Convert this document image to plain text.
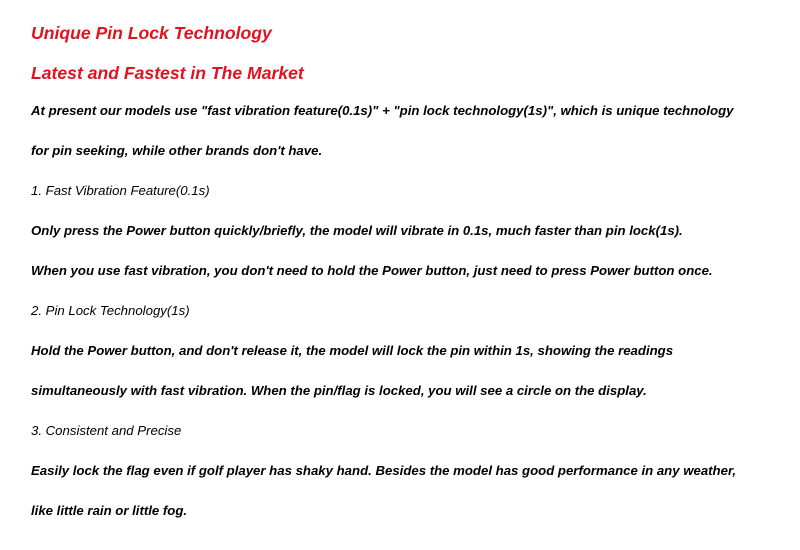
Unique Pin Lock Technology
Latest and Fastest in The Market
At present our models use "fast vibration feature(0.1s)" + "pin lock technology(1s)", which is unique technology
for pin seeking, while other brands don't have.
1. Fast Vibration Feature(0.1s)
Only press the Power button quickly/briefly, the model will vibrate in 0.1s, much faster than pin lock(1s).
When you use fast vibration, you don't need to hold the Power button, just need to press Power button once.
2. Pin Lock Technology(1s)
Hold the Power button, and don't release it, the model will lock the pin within 1s, showing the readings
simultaneously with fast vibration. When the pin/flag is locked, you will see a circle on the display.
3. Consistent and Precise
Easily lock the flag even if golf player has shaky hand. Besides the model has good performance in any weather,
like little rain or little fog.
